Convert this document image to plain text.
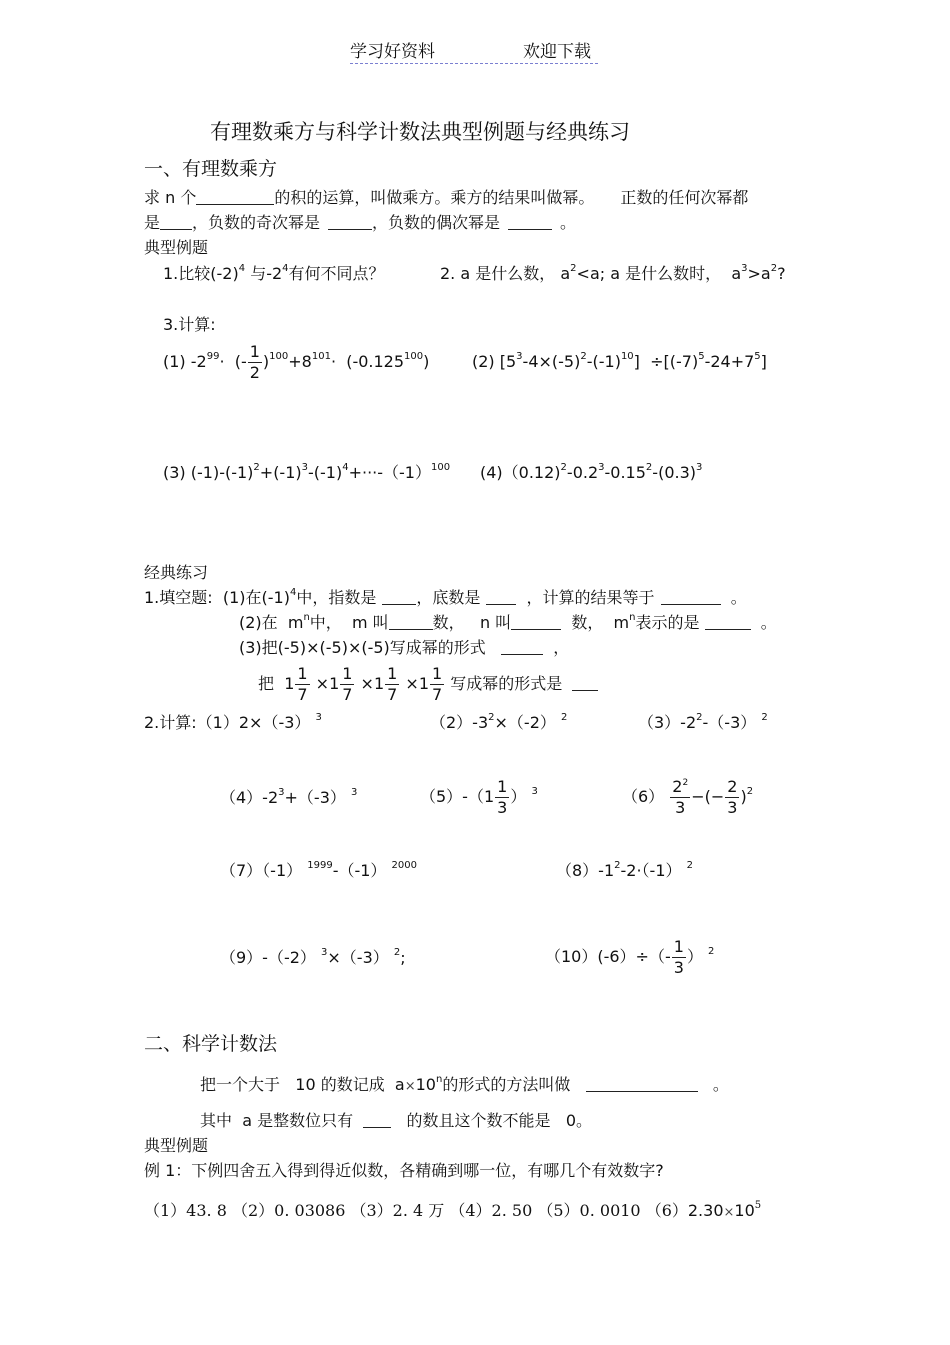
学习好资料	欢迎下载
有理数乘方与科学计数法典型例题与经典练习
一、有理数乘方
求 n 个	的积的运算，叫做乘方。乘方的结果叫做幂。 正数的任何次幂都
是 ，负数的奇次幂是	，负数的偶次幂是	。
典型例题
1.比较$(-2)^4$ 与$-2^4$有何不同点？	2. a 是什么数， $a^2<a$; a 是什么数时， $a^3>a^2$?
3.计算:
(1) $-2^{99}\cdot$ (- $\frac{1}{2} )^{100}+8^{101}\cdot (-0.125^{100})$	(2) $[5^3-4\times(-5)^2-(-1)^{10}] \div[(-7)^5-24+7^5]$
(3) $(-1)-(-1)^2+(-1)^3-(-1)^4+\cdot\cdot\cdot-(-1)^{100}$ $(4)(0.12)^2-0.2^3-0.15^2-(0.3)^3$
经典练习
1.填空题: (1)在$(-1)^4$中，指数是	，底数是	，计算的结果等于	。
(2)在 $m^n$中， m 叫	数， n 叫	数， $m^n$表示的是	。
(3)把(-5)×(-5)×(-5)写成幂的形式	，
把 $1 \frac{1}{7} \times 1 \frac{1}{7} \times 1 \frac{1}{7} \times 1 \frac{1}{7}$ 写成幂的形式是
2.计算:（1）2×（-3） $^3$	$(2)-3^2\times(-2)$ $^2$	$(3)-2^2-(-3)$ $^2$
$(4)-2^3+(-3)$ $^3$	$(5)-(1 \frac{1}{3}$ ） $^3$	$(6) \frac{2^2}{3}$ −(− $\frac{2}{3} )^2$
（7）（-1） $^{1999}$-（-1） $^{2000}$	$(8)-1^2-2\cdot(-1)$ $^2$
（9）-（-2） $^3$×（-3） $^2$;	$(10)(-6)\div(- \frac{1}{3}$ ） $^2$
二、科学计数法
把一个大于 10 的数记成 $a\times 10^n$的形式的方法叫做	。
其中 a 是整数位只有	的数且这个数不能是 0。
典型例题
例 1：下例四舍五入得到得近似数，各精确到哪一位，有哪几个有效数字?
（1）43. 8 （2）0. 03086 （3）2. 4 万 （4）2. 50 （5）0. 0010 $(6)2.30\times 10^5$
